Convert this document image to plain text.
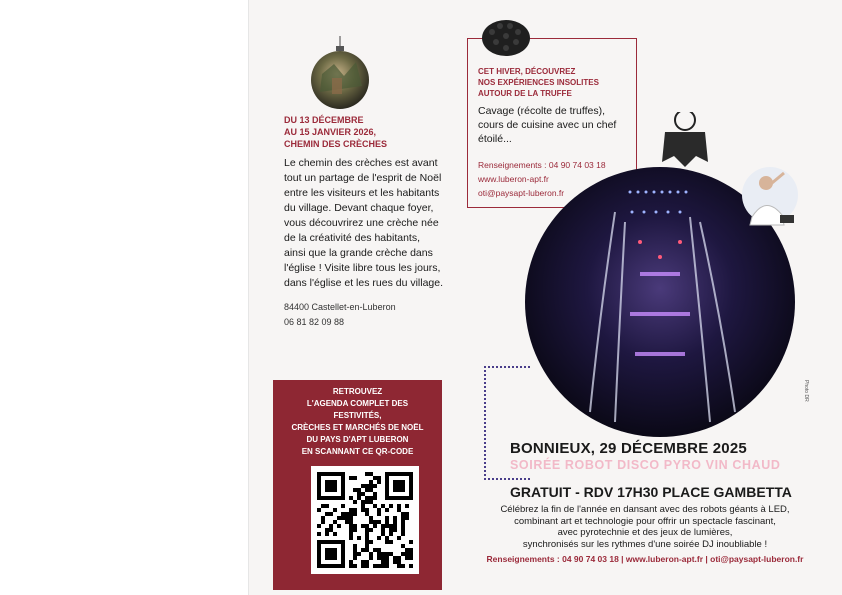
DU 13 DÉCEMBRE
AU 15 JANVIER 2026,
CHEMIN DES CRÈCHES
Le chemin des crèches est avant tout un partage de l'esprit de Noël entre les visiteurs et les habitants du village. Devant chaque foyer, vous découvrirez une crèche née de la créativité des habitants, ainsi que la grande crèche dans l'église ! Visite libre tous les jours, dans l'église et les rues du village.
84400 Castellet-en-Luberon
06 81 82 09 88
RETROUVEZ
L'AGENDA COMPLET DES FESTIVITÉS,
CRÈCHES ET MARCHÉS DE NOËL
DU PAYS D'APT LUBERON
EN SCANNANT CE QR-CODE
CET HIVER, DÉCOUVREZ
NOS EXPÉRIENCES INSOLITES
AUTOUR DE LA TRUFFE
Cavage (récolte de truffes), cours de cuisine avec un chef étoilé...
Renseignements : 04 90 74 03 18
www.luberon-apt.fr
oti@paysapt-luberon.fr
Photo DR
BONNIEUX, 29 DÉCEMBRE 2025
SOIRÉE ROBOT DISCO PYRO VIN CHAUD
GRATUIT - RDV 17H30 PLACE GAMBETTA
Célébrez la fin de l'année en dansant avec des robots géants à LED,
combinant art et technologie pour offrir un spectacle fascinant,
avec pyrotechnie et des jeux de lumières,
synchronisés sur les rythmes d'une soirée DJ inoubliable !
Renseignements : 04 90 74 03 18 | www.luberon-apt.fr | oti@paysapt-luberon.fr
